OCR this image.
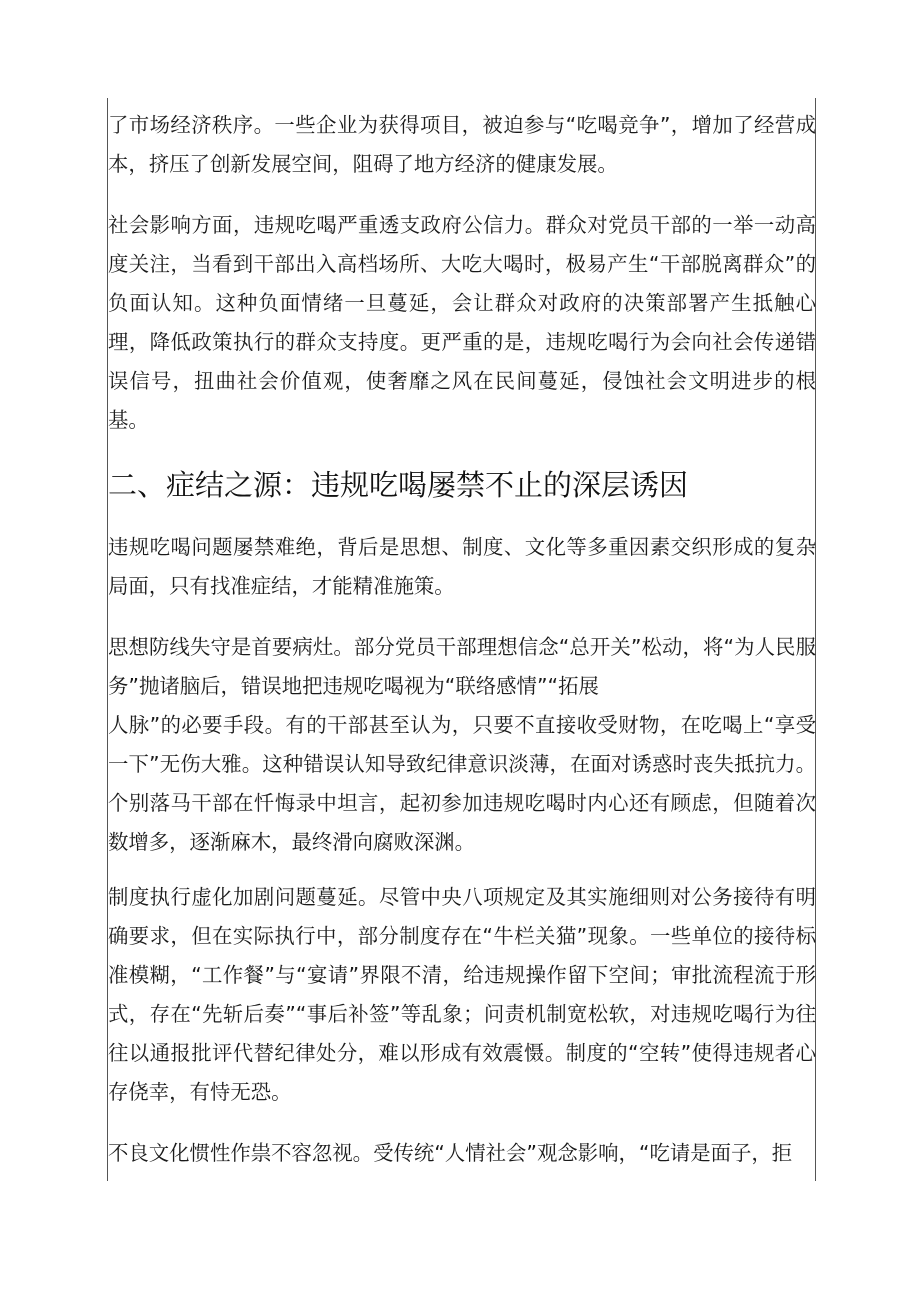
了市场经济秩序。一些企业为获得项目，被迫参与“吃喝竞争”，增加了经营成本，挤压了创新发展空间，阻碍了地方经济的健康发展。

社会影响方面，违规吃喝严重透支政府公信力。群众对党员干部的一举一动高度关注，当看到干部出入高档场所、大吃大喝时，极易产生“干部脱离群众”的负面认知。这种负面情绪一旦蔓延，会让群众对政府的决策部署产生抵触心理，降低政策执行的群众支持度。更严重的是，违规吃喝行为会向社会传递错误信号，扭曲社会价值观，使奢靡之风在民间蔓延，侵蚀社会文明进步的根基。

二、症结之源：违规吃喝屡禁不止的深层诱因

违规吃喝问题屡禁难绝，背后是思想、制度、文化等多重因素交织形成的复杂局面，只有找准症结，才能精准施策。

思想防线失守是首要病灶。部分党员干部理想信念“总开关”松动，将“为人民服务”抛诸脑后，错误地把违规吃喝视为“联络感情”“拓展
人脉”的必要手段。有的干部甚至认为，只要不直接收受财物，在吃喝上“享受一下”无伤大雅。这种错误认知导致纪律意识淡薄，在面对诱惑时丧失抵抗力。个别落马干部在忏悔录中坦言，起初参加违规吃喝时内心还有顾虑，但随着次数增多，逐渐麻木，最终滑向腐败深渊。

制度执行虚化加剧问题蔓延。尽管中央八项规定及其实施细则对公务接待有明确要求，但在实际执行中，部分制度存在“牛栏关猫”现象。一些单位的接待标准模糊，“工作餐”与“宴请”界限不清，给违规操作留下空间；审批流程流于形式，存在“先斩后奏”“事后补签”等乱象；问责机制宽松软，对违规吃喝行为往往以通报批评代替纪律处分，难以形成有效震慑。制度的“空转”使得违规者心存侥幸，有恃无恐。

不良文化惯性作祟不容忽视。受传统“人情社会”观念影响，“吃请是面子，拒
